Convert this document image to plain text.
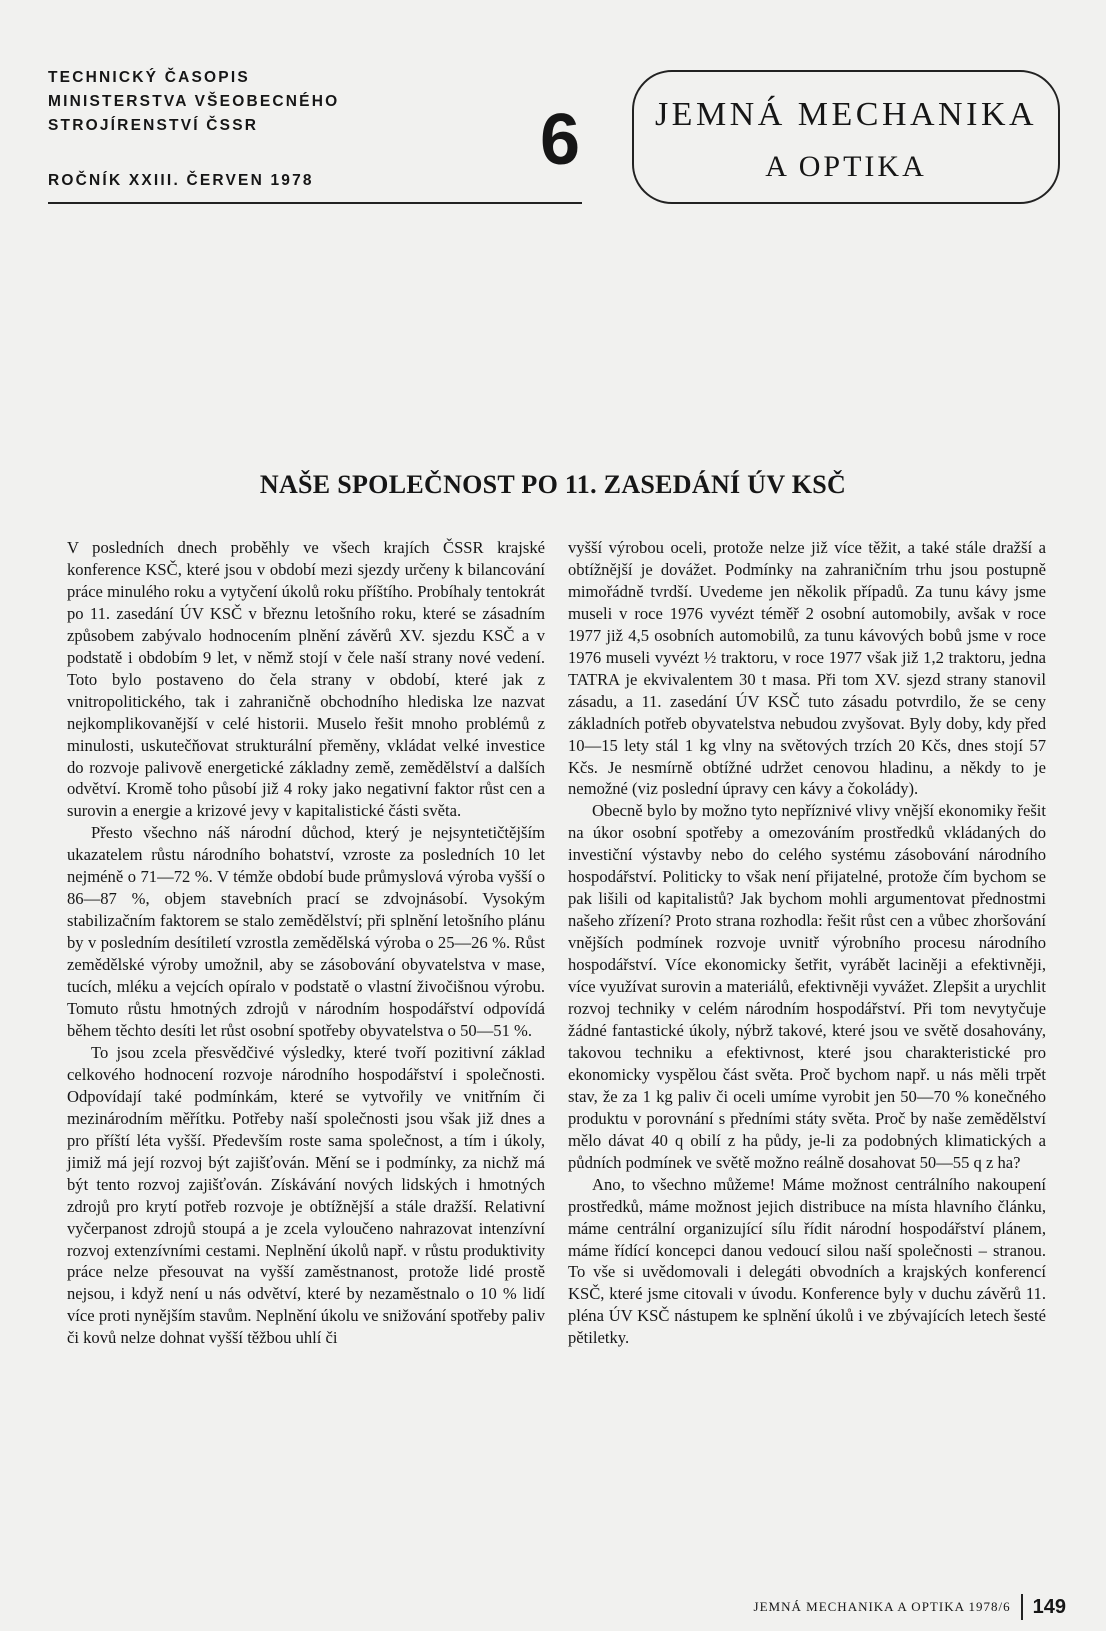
TECHNICKÝ ČASOPIS
MINISTERSTVA VŠEOBECNÉHO
STROJÍRENSTVÍ ČSSR
ROČNÍK XXIII. ČERVEN 1978
6	JEMNÁ MECHANIKA
A OPTIKA
NAŠE SPOLEČNOST PO 11. ZASEDÁNÍ ÚV KSČ

V posledních dnech proběhly ve všech krajích ČSSR krajské konference KSČ, které jsou v období mezi sjezdy určeny k bilancování práce minulého roku a vytyčení úkolů roku příštího. Probíhaly tentokrát po 11. zasedání ÚV KSČ v březnu letošního roku, které se zásadním způsobem zabývalo hodnocením plnění závěrů XV. sjezdu KSČ a v podstatě i obdobím 9 let, v němž stojí v čele naší strany nové vedení. Toto bylo postaveno do čela strany v období, které jak z vnitropolitického, tak i zahraničně obchodního hlediska lze nazvat nejkomplikovanější v celé historii. Muselo řešit mnoho problémů z minulosti, uskutečňovat strukturální přeměny, vkládat velké investice do rozvoje palivově energetické základny země, zemědělství a dalších odvětví. Kromě toho působí již 4 roky jako negativní faktor růst cen a surovin a energie a krizové jevy v kapitalistické části světa.

Přesto všechno náš národní důchod, který je nejsyntetičtějším ukazatelem růstu národního bohatství, vzroste za posledních 10 let nejméně o 71—72 %. V témže období bude průmyslová výroba vyšší o 86—87 %, objem stavebních prací se zdvojnásobí. Vysokým stabilizačním faktorem se stalo zemědělství; při splnění letošního plánu by v posledním desítiletí vzrostla zemědělská výroba o 25—26 %. Růst zemědělské výroby umožnil, aby se zásobování obyvatelstva v mase, tucích, mléku a vejcích opíralo v podstatě o vlastní živočišnou výrobu. Tomuto růstu hmotných zdrojů v národním hospodářství odpovídá během těchto desíti let růst osobní spotřeby obyvatelstva o 50—51 %.

To jsou zcela přesvědčivé výsledky, které tvoří pozitivní základ celkového hodnocení rozvoje národního hospodářství i společnosti. Odpovídají také podmínkám, které se vytvořily ve vnitřním či mezinárodním měřítku. Potřeby naší společnosti jsou však již dnes a pro příští léta vyšší. Především roste sama společnost, a tím i úkoly, jimiž má její rozvoj být zajišťován. Mění se i podmínky, za nichž má být tento rozvoj zajišťován. Získávání nových lidských i hmotných zdrojů pro krytí potřeb rozvoje je obtížnější a stále dražší. Relativní vyčerpanost zdrojů stoupá a je zcela vyloučeno nahrazovat intenzívní rozvoj extenzívními cestami. Neplnění úkolů např. v růstu produktivity práce nelze přesouvat na vyšší zaměstnanost, protože lidé prostě nejsou, i když není u nás odvětví, které by nezaměstnalo o 10 % lidí více proti nynějším stavům. Neplnění úkolu ve snižování spotřeby paliv či kovů nelze dohnat vyšší těžbou uhlí či

vyšší výrobou oceli, protože nelze již více těžit, a také stále dražší a obtížnější je dovážet. Podmínky na zahraničním trhu jsou postupně mimořádně tvrdší. Uvedeme jen několik případů. Za tunu kávy jsme museli v roce 1976 vyvézt téměř 2 osobní automobily, avšak v roce 1977 již 4,5 osobních automobilů, za tunu kávových bobů jsme v roce 1976 museli vyvézt ½ traktoru, v roce 1977 však již 1,2 traktoru, jedna TATRA je ekvivalentem 30 t masa. Při tom XV. sjezd strany stanovil zásadu, a 11. zasedání ÚV KSČ tuto zásadu potvrdilo, že se ceny základních potřeb obyvatelstva nebudou zvyšovat. Byly doby, kdy před 10—15 lety stál 1 kg vlny na světových trzích 20 Kčs, dnes stojí 57 Kčs. Je nesmírně obtížné udržet cenovou hladinu, a někdy to je nemožné (viz poslední úpravy cen kávy a čokolády).

Obecně bylo by možno tyto nepříznivé vlivy vnější ekonomiky řešit na úkor osobní spotřeby a omezováním prostředků vkládaných do investiční výstavby nebo do celého systému zásobování národního hospodářství. Politicky to však není přijatelné, protože čím bychom se pak lišili od kapitalistů? Jak bychom mohli argumentovat přednostmi našeho zřízení? Proto strana rozhodla: řešit růst cen a vůbec zhoršování vnějších podmínek rozvoje uvnitř výrobního procesu národního hospodářství. Více ekonomicky šetřit, vyrábět laciněji a efektivněji, více využívat surovin a materiálů, efektivněji vyvážet. Zlepšit a urychlit rozvoj techniky v celém národním hospodářství. Při tom nevytyčuje žádné fantastické úkoly, nýbrž takové, které jsou ve světě dosahovány, takovou techniku a efektivnost, které jsou charakteristické pro ekonomicky vyspělou část světa. Proč bychom např. u nás měli trpět stav, že za 1 kg paliv či oceli umíme vyrobit jen 50—70 % konečného produktu v porovnání s předními státy světa. Proč by naše zemědělství mělo dávat 40 q obilí z ha půdy, je-li za podobných klimatických a půdních podmínek ve světě možno reálně dosahovat 50—55 q z ha?

Ano, to všechno můžeme! Máme možnost centrálního nakoupení prostředků, máme možnost jejich distribuce na místa hlavního článku, máme centrální organizující sílu řídit národní hospodářství plánem, máme řídící koncepci danou vedoucí silou naší společnosti – stranou. To vše si uvědomovali i delegáti obvodních a krajských konferencí KSČ, které jsme citovali v úvodu. Konference byly v duchu závěrů 11. pléna ÚV KSČ nástupem ke splnění úkolů i ve zbývajících letech šesté pětiletky.

JEMNÁ MECHANIKA A OPTIKA 1978/6 149
